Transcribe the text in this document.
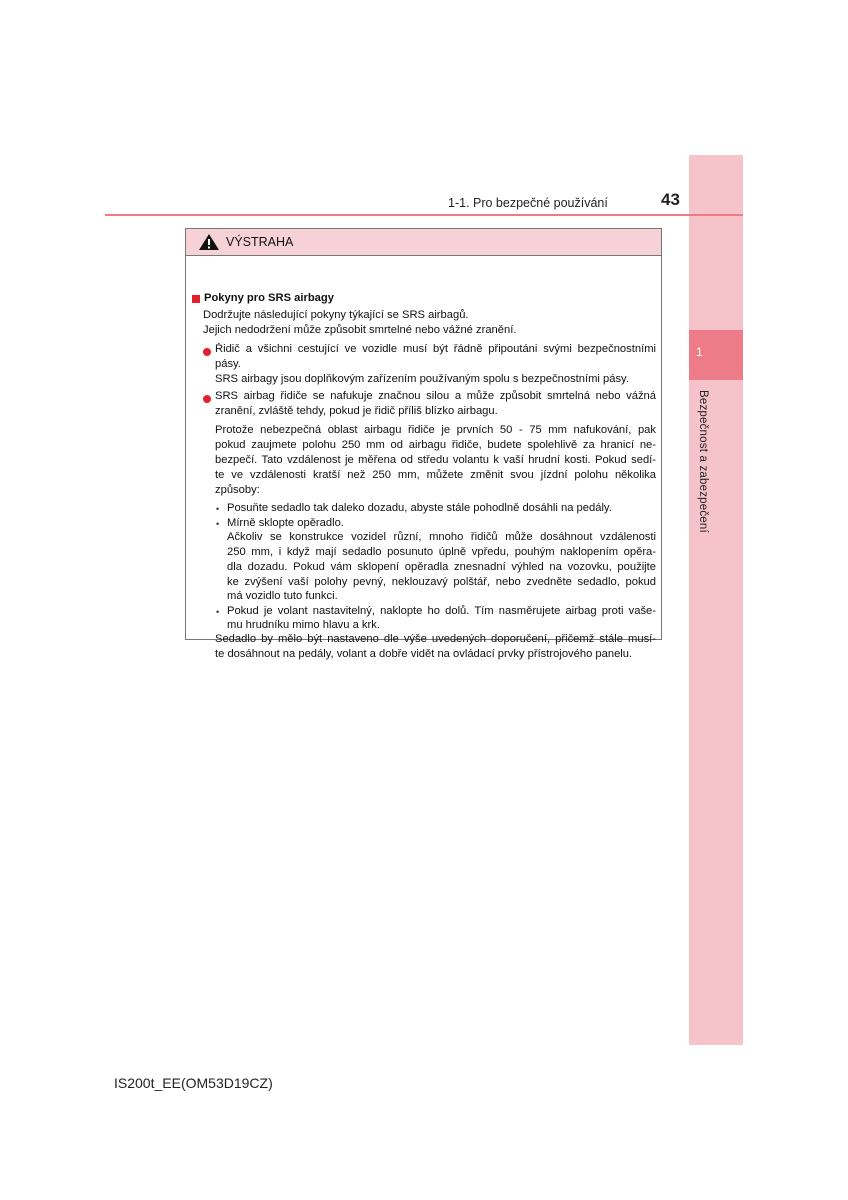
1
Bezpečnost a zabezpečení
1-1. Pro bezpečné používání	43
VÝSTRAHA
Pokyny pro SRS airbagy
Dodržujte následující pokyny týkající se SRS airbagů.
Jejich nedodržení může způsobit smrtelné nebo vážné zranění.
Řidič a všichni cestující ve vozidle musí být řádně připoutáni svými bezpečnostními
pásy.
SRS airbagy jsou doplňkovým zařízením používaným spolu s bezpečnostními pásy.
SRS airbag řidiče se nafukuje značnou silou a může způsobit smrtelná nebo vážná
zranění, zvláště tehdy, pokud je řidič příliš blízko airbagu.
Protože nebezpečná oblast airbagu řidiče je prvních 50 - 75 mm nafukování, pak
pokud zaujmete polohu 250 mm od airbagu řidiče, budete spolehlivě za hranicí ne-
bezpečí. Tato vzdálenost je měřena od středu volantu k vaší hrudní kosti. Pokud sedí-
te ve vzdálenosti kratší než 250 mm, můžete změnit svou jízdní polohu několika
způsoby:
• Posuňte sedadlo tak daleko dozadu, abyste stále pohodlně dosáhli na pedály.
• Mírně sklopte opěradlo.
Ačkoliv se konstrukce vozidel různí, mnoho řidičů může dosáhnout vzdálenosti
250 mm, i když mají sedadlo posunuto úplně vpředu, pouhým naklopením opěra-
dla dozadu. Pokud vám sklopení opěradla znesnadní výhled na vozovku, použijte
ke zvýšení vaší polohy pevný, neklouzavý polštář, nebo zvedněte sedadlo, pokud
má vozidlo tuto funkci.
• Pokud je volant nastavitelný, naklopte ho dolů. Tím nasměrujete airbag proti vaše-
mu hrudníku mimo hlavu a krk.
Sedadlo by mělo být nastaveno dle výše uvedených doporučení, přičemž stále musí-
te dosáhnout na pedály, volant a dobře vidět na ovládací prvky přístrojového panelu.
IS200t_EE(OM53D19CZ)
